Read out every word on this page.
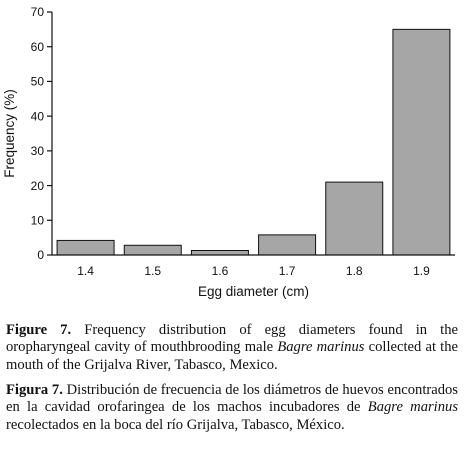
0
10
20
30
40
50
60
70
1.4	1.5	1.6	1.7	1.8	1.9
Frequency (%)
Egg diameter (cm)
Figure 7. Frequency distribution of egg diameters found in the oropharyngeal cavity of mouthbrooding male Bagre marinus collected at the mouth of the Grijalva River, Tabasco, Mexico.
Figura 7. Distribución de frecuencia de los diámetros de huevos encontrados en la cavidad orofaringea de los machos incubadores de Bagre marinus recolectados en la boca del río Grijalva, Tabasco, México.
